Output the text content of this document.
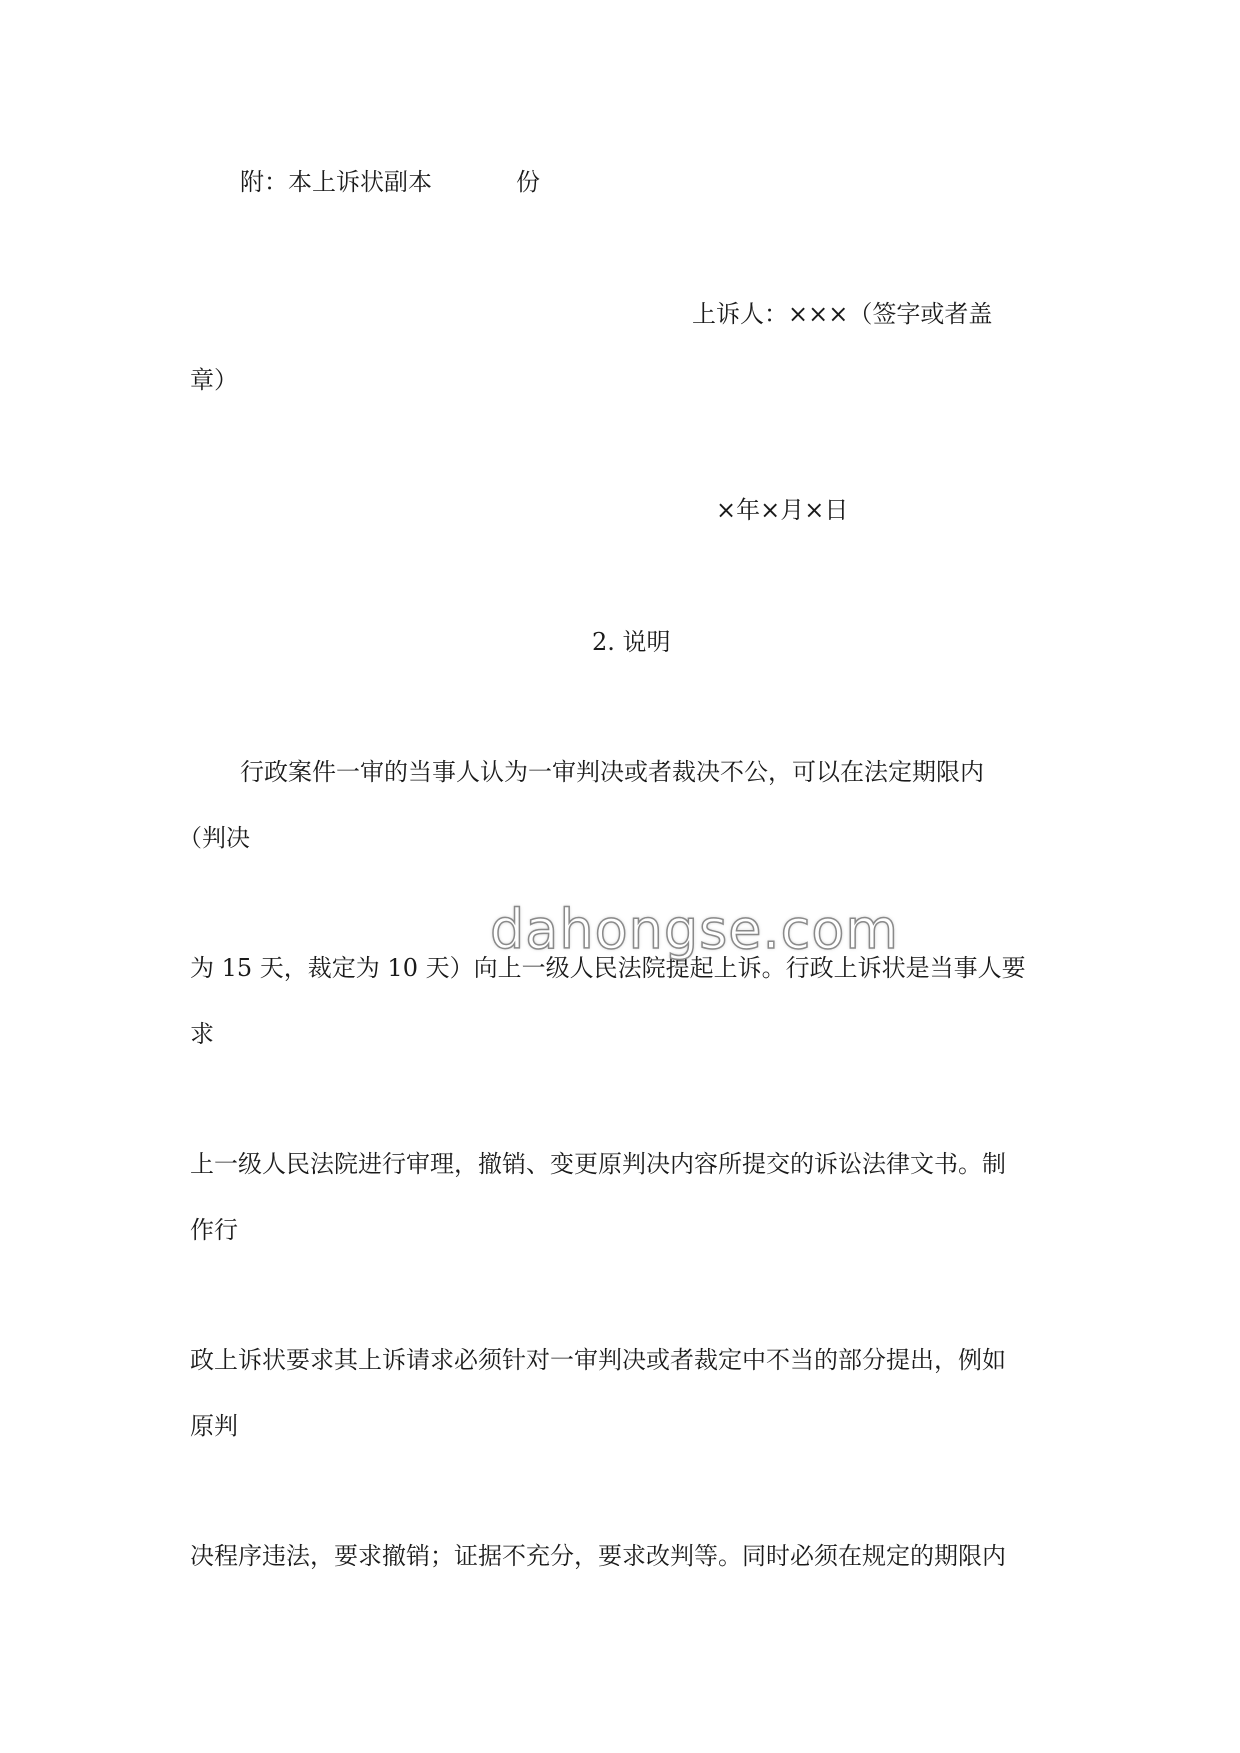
附：本上诉状副本	份
上诉人：×××（签字或者盖
章）
×年×月×日
2. 说明
行政案件一审的当事人认为一审判决或者裁决不公，可以在法定期限内
（判决
为 15 天，裁定为 10 天）向上一级人民法院提起上诉。行政上诉状是当事人要
求
上一级人民法院进行审理，撤销、变更原判决内容所提交的诉讼法律文书。制
作行
政上诉状要求其上诉请求必须针对一审判决或者裁定中不当的部分提出，例如
原判
决程序违法，要求撤销；证据不充分，要求改判等。同时必须在规定的期限内
dahongse.com
